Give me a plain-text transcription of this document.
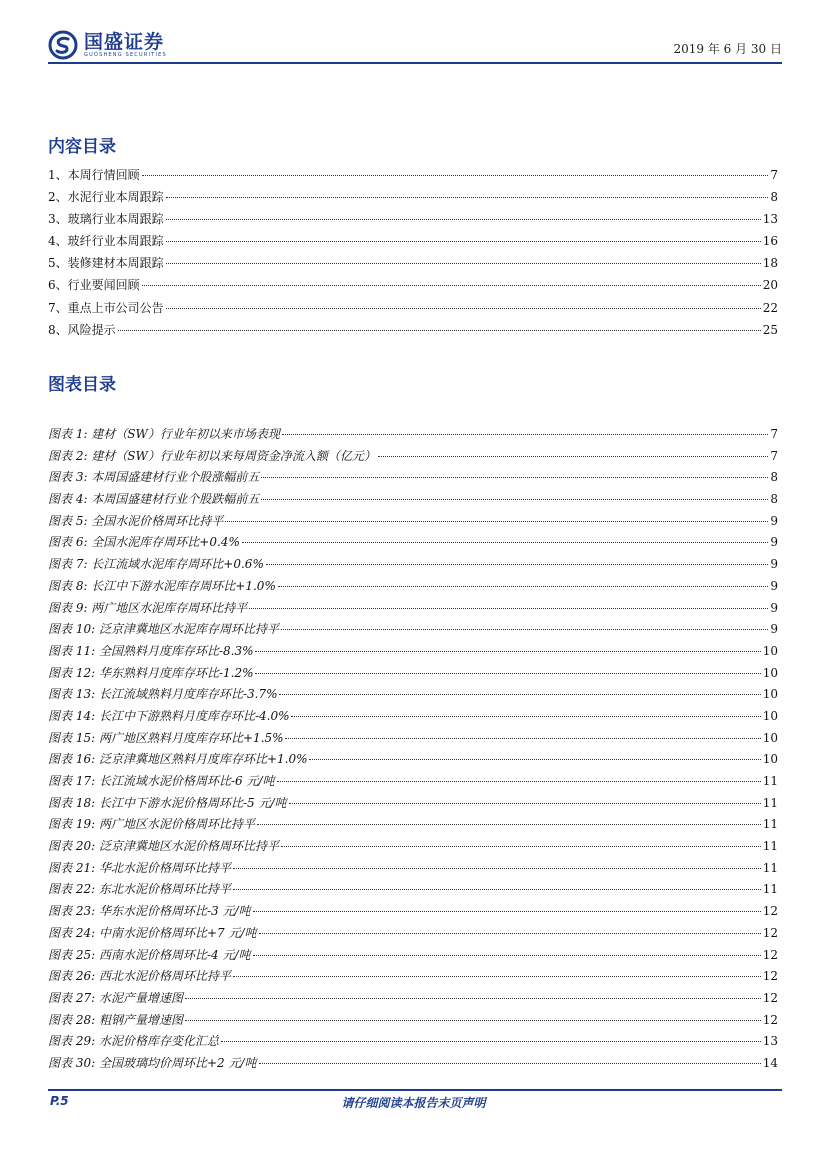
国盛证券
GUOSHENG SECURITIES	2019 年 6 月 30 日
内容目录
1、本周行情回顾	7
2、水泥行业本周跟踪	8
3、玻璃行业本周跟踪	13
4、玻纤行业本周跟踪	16
5、装修建材本周跟踪	18
6、行业要闻回顾	20
7、重点上市公司公告	22
8、风险提示	25
图表目录
图表 1: 建材（SW）行业年初以来市场表现	7
图表 2: 建材（SW）行业年初以来每周资金净流入额（亿元）	7
图表 3: 本周国盛建材行业个股涨幅前五	8
图表 4: 本周国盛建材行业个股跌幅前五	8
图表 5: 全国水泥价格周环比持平	9
图表 6: 全国水泥库存周环比+0.4%	9
图表 7: 长江流域水泥库存周环比+0.6%	9
图表 8: 长江中下游水泥库存周环比+1.0%	9
图表 9: 两广地区水泥库存周环比持平	9
图表 10: 泛京津冀地区水泥库存周环比持平	9
图表 11: 全国熟料月度库存环比-8.3%	10
图表 12: 华东熟料月度库存环比-1.2%	10
图表 13: 长江流域熟料月度库存环比-3.7%	10
图表 14: 长江中下游熟料月度库存环比-4.0%	10
图表 15: 两广地区熟料月度库存环比+1.5%	10
图表 16: 泛京津冀地区熟料月度库存环比+1.0%	10
图表 17: 长江流域水泥价格周环比-6 元/吨	11
图表 18: 长江中下游水泥价格周环比-5 元/吨	11
图表 19: 两广地区水泥价格周环比持平	11
图表 20: 泛京津冀地区水泥价格周环比持平	11
图表 21: 华北水泥价格周环比持平	11
图表 22: 东北水泥价格周环比持平	11
图表 23: 华东水泥价格周环比-3 元/吨	12
图表 24: 中南水泥价格周环比+7 元/吨	12
图表 25: 西南水泥价格周环比-4 元/吨	12
图表 26: 西北水泥价格周环比持平	12
图表 27: 水泥产量增速图	12
图表 28: 粗钢产量增速图	12
图表 29: 水泥价格库存变化汇总	13
图表 30: 全国玻璃均价周环比+2 元/吨	14
P.5	请仔细阅读本报告末页声明
